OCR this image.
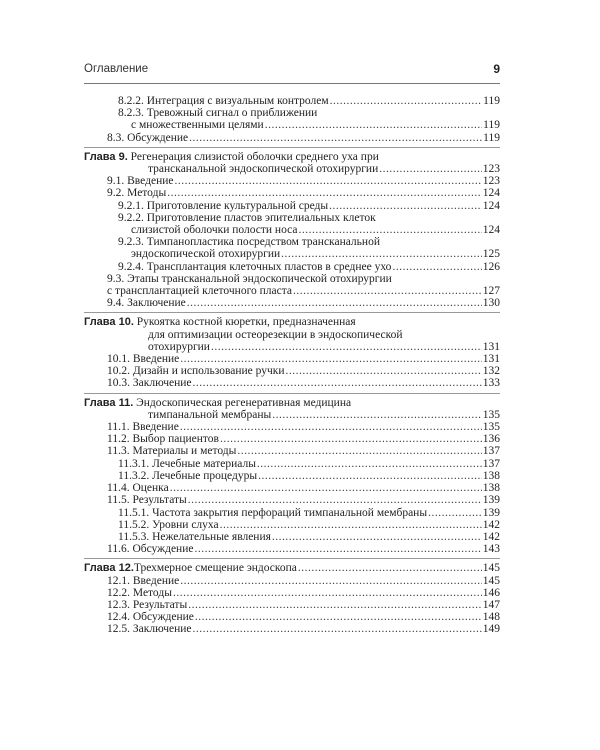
Оглавление	9
8.2.2. Интеграция с визуальным контролем .....	119
8.2.3. Тревожный сигнал о приближении
с множественными целями .....	119
8.3. Обсуждение .....	119
Глава 9. Регенерация слизистой оболочки среднего уха при
трансканальной эндоскопической отохирургии .....	123
9.1. Введение .....	123
9.2. Методы .....	124
9.2.1. Приготовление культуральной среды .....	124
9.2.2. Приготовление пластов эпителиальных клеток
слизистой оболочки полости носа .....	124
9.2.3. Тимпанопластика посредством трансканальной
эндоскопической отохирургии .....	125
9.2.4. Трансплантация клеточных пластов в среднее ухо .....	126
9.3. Этапы трансканальной эндоскопической отохирургии
с трансплантацией клеточного пласта .....	127
9.4. Заключение .....	130
Глава 10. Рукоятка костной кюретки, предназначенная
для оптимизации остеорезекции в эндоскопической
отохирургии .....	131
10.1. Введение .....	131
10.2. Дизайн и использование ручки .....	132
10.3. Заключение .....	133
Глава 11. Эндоскопическая регенеративная медицина
тимпанальной мембраны .....	135
11.1. Введение .....	135
11.2. Выбор пациентов .....	136
11.3. Материалы и методы .....	137
11.3.1. Лечебные материалы .....	137
11.3.2. Лечебные процедуры .....	138
11.4. Оценка .....	138
11.5. Результаты .....	139
11.5.1. Частота закрытия перфораций тимпанальной мембраны .....	139
11.5.2. Уровни слуха .....	142
11.5.3. Нежелательные явления .....	142
11.6. Обсуждение .....	143
Глава 12. Трехмерное смещение эндоскопа .....	145
12.1. Введение .....	145
12.2. Методы .....	146
12.3. Результаты .....	147
12.4. Обсуждение .....	148
12.5. Заключение .....	149
